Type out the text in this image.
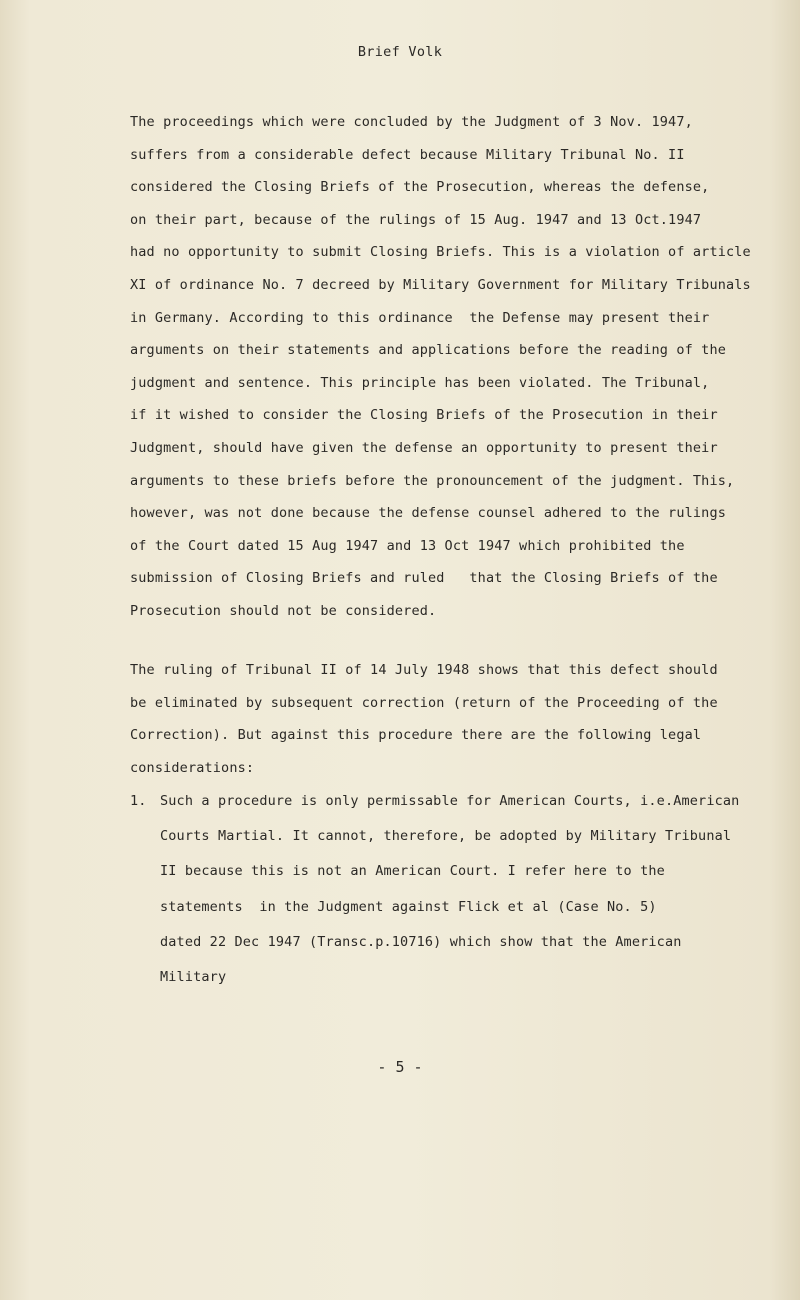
Brief Volk
The proceedings which were concluded by the Judgment of 3 Nov. 1947,
suffers from a considerable defect because Military Tribunal No. II
considered the Closing Briefs of the Prosecution, whereas the defense,
on their part, because of the rulings of 15 Aug. 1947 and 13 Oct.1947
had no opportunity to submit Closing Briefs. This is a violation of article
XI of ordinance No. 7 decreed by Military Government for Military Tribunals
in Germany. According to this ordinance  the Defense may present their
arguments on their statements and applications before the reading of the
judgment and sentence. This principle has been violated. The Tribunal,
if it wished to consider the Closing Briefs of the Prosecution in their
Judgment, should have given the defense an opportunity to present their
arguments to these briefs before the pronouncement of the judgment. This,
however, was not done because the defense counsel adhered to the rulings
of the Court dated 15 Aug 1947 and 13 Oct 1947 which prohibited the
submission of Closing Briefs and ruled   that the Closing Briefs of the
Prosecution should not be considered.
The ruling of Tribunal II of 14 July 1948 shows that this defect should
be eliminated by subsequent correction (return of the Proceeding of the
Correction). But against this procedure there are the following legal
considerations:
1. Such a procedure is only permissable for American Courts, i.e.American
Courts Martial. It cannot, therefore, be adopted by Military Tribunal
II because this is not an American Court. I refer here to the
statements  in the Judgment against Flick et al (Case No. 5)
dated 22 Dec 1947 (Transc.p.10716) which show that the American
Military
- 5 -
